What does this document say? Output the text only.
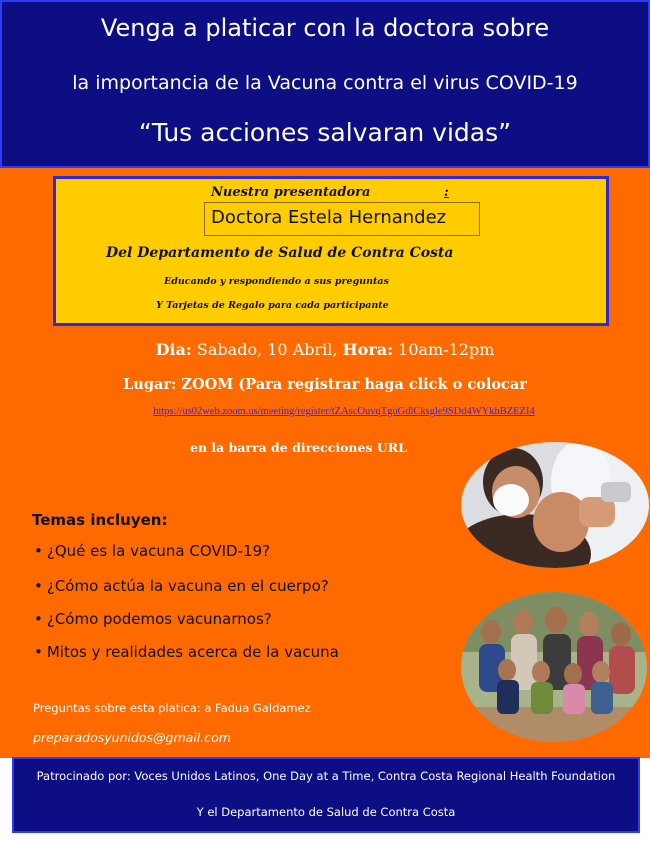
Venga a platicar con la doctora sobre
la importancia de la Vacuna contra el virus COVID-19
“Tus acciones salvaran vidas”
Nuestra presentadora	:
Doctora Estela Hernandez
Del Departamento de Salud de Contra Costa
Educando y respondiendo a sus preguntas
Y Tarjetas de Regalo para cada participante
Dia: Sabado, 10 Abril, Hora: 10am-12pm
Lugar: ZOOM (Para registrar haga click o colocar
https://us02web.zoom.us/meeting/register/tZAscOuvqTguGdlCksgle9SDd4WYkhBZEZI4
en la barra de direcciones URL
Temas incluyen:
• ¿Qué es la vacuna COVID-19?
• ¿Cómo actúa la vacuna en el cuerpo?
• ¿Cómo podemos vacunarnos?
• Mitos y realidades acerca de la vacuna
Preguntas sobre esta platica: a Fadua Galdamez
preparadosyunidos@gmail.com
Patrocinado por: Voces Unidos Latinos, One Day at a Time, Contra Costa Regional Health Foundation
Y el Departamento de Salud de Contra Costa
